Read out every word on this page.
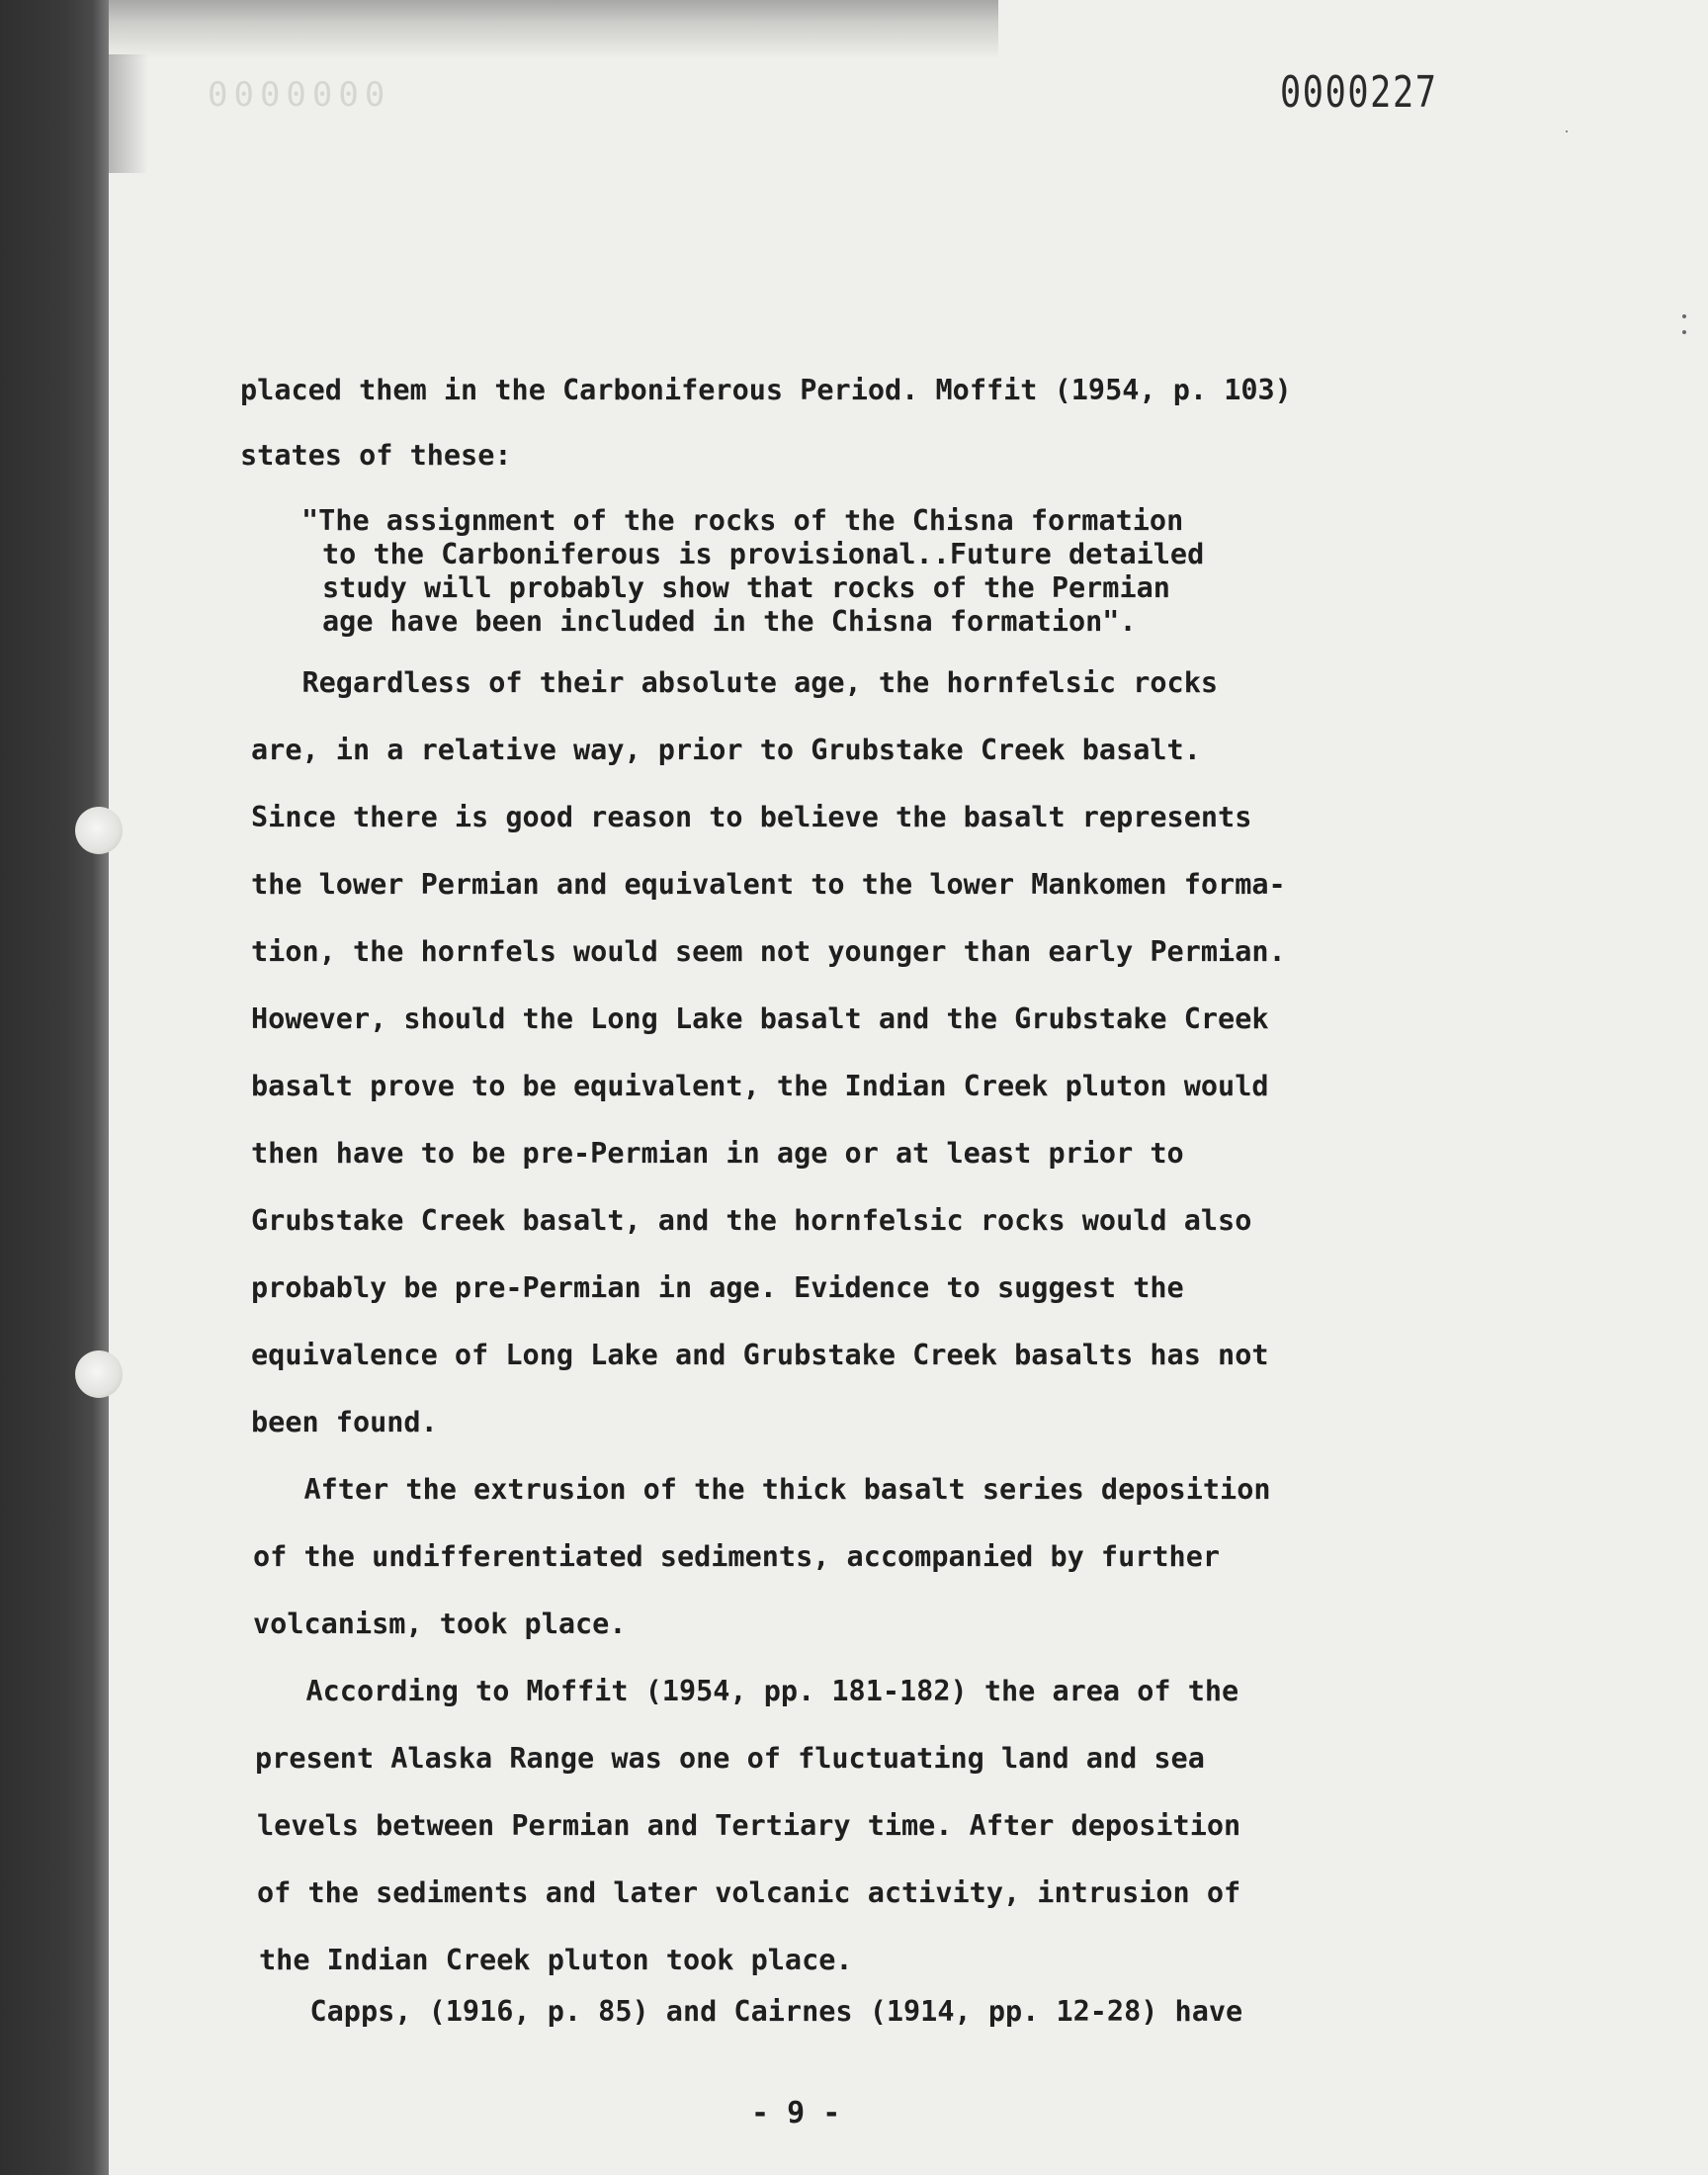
0000000	0000227
placed them in the Carboniferous Period. Moffit (1954, p. 103)
states of these:
"The assignment of the rocks of the Chisna formation
to the Carboniferous is provisional..Future detailed
study will probably show that rocks of the Permian
age have been included in the Chisna formation".
Regardless of their absolute age, the hornfelsic rocks
are, in a relative way, prior to Grubstake Creek basalt.
Since there is good reason to believe the basalt represents
the lower Permian and equivalent to the lower Mankomen forma-
tion, the hornfels would seem not younger than early Permian.
However, should the Long Lake basalt and the Grubstake Creek
basalt prove to be equivalent, the Indian Creek pluton would
then have to be pre-Permian in age or at least prior to
Grubstake Creek basalt, and the hornfelsic rocks would also
probably be pre-Permian in age. Evidence to suggest the
equivalence of Long Lake and Grubstake Creek basalts has not
been found.
After the extrusion of the thick basalt series deposition
of the undifferentiated sediments, accompanied by further
volcanism, took place.
According to Moffit (1954, pp. 181-182) the area of the
present Alaska Range was one of fluctuating land and sea
levels between Permian and Tertiary time. After deposition
of the sediments and later volcanic activity, intrusion of
the Indian Creek pluton took place.
Capps, (1916, p. 85) and Cairnes (1914, pp. 12-28) have
- 9 -
